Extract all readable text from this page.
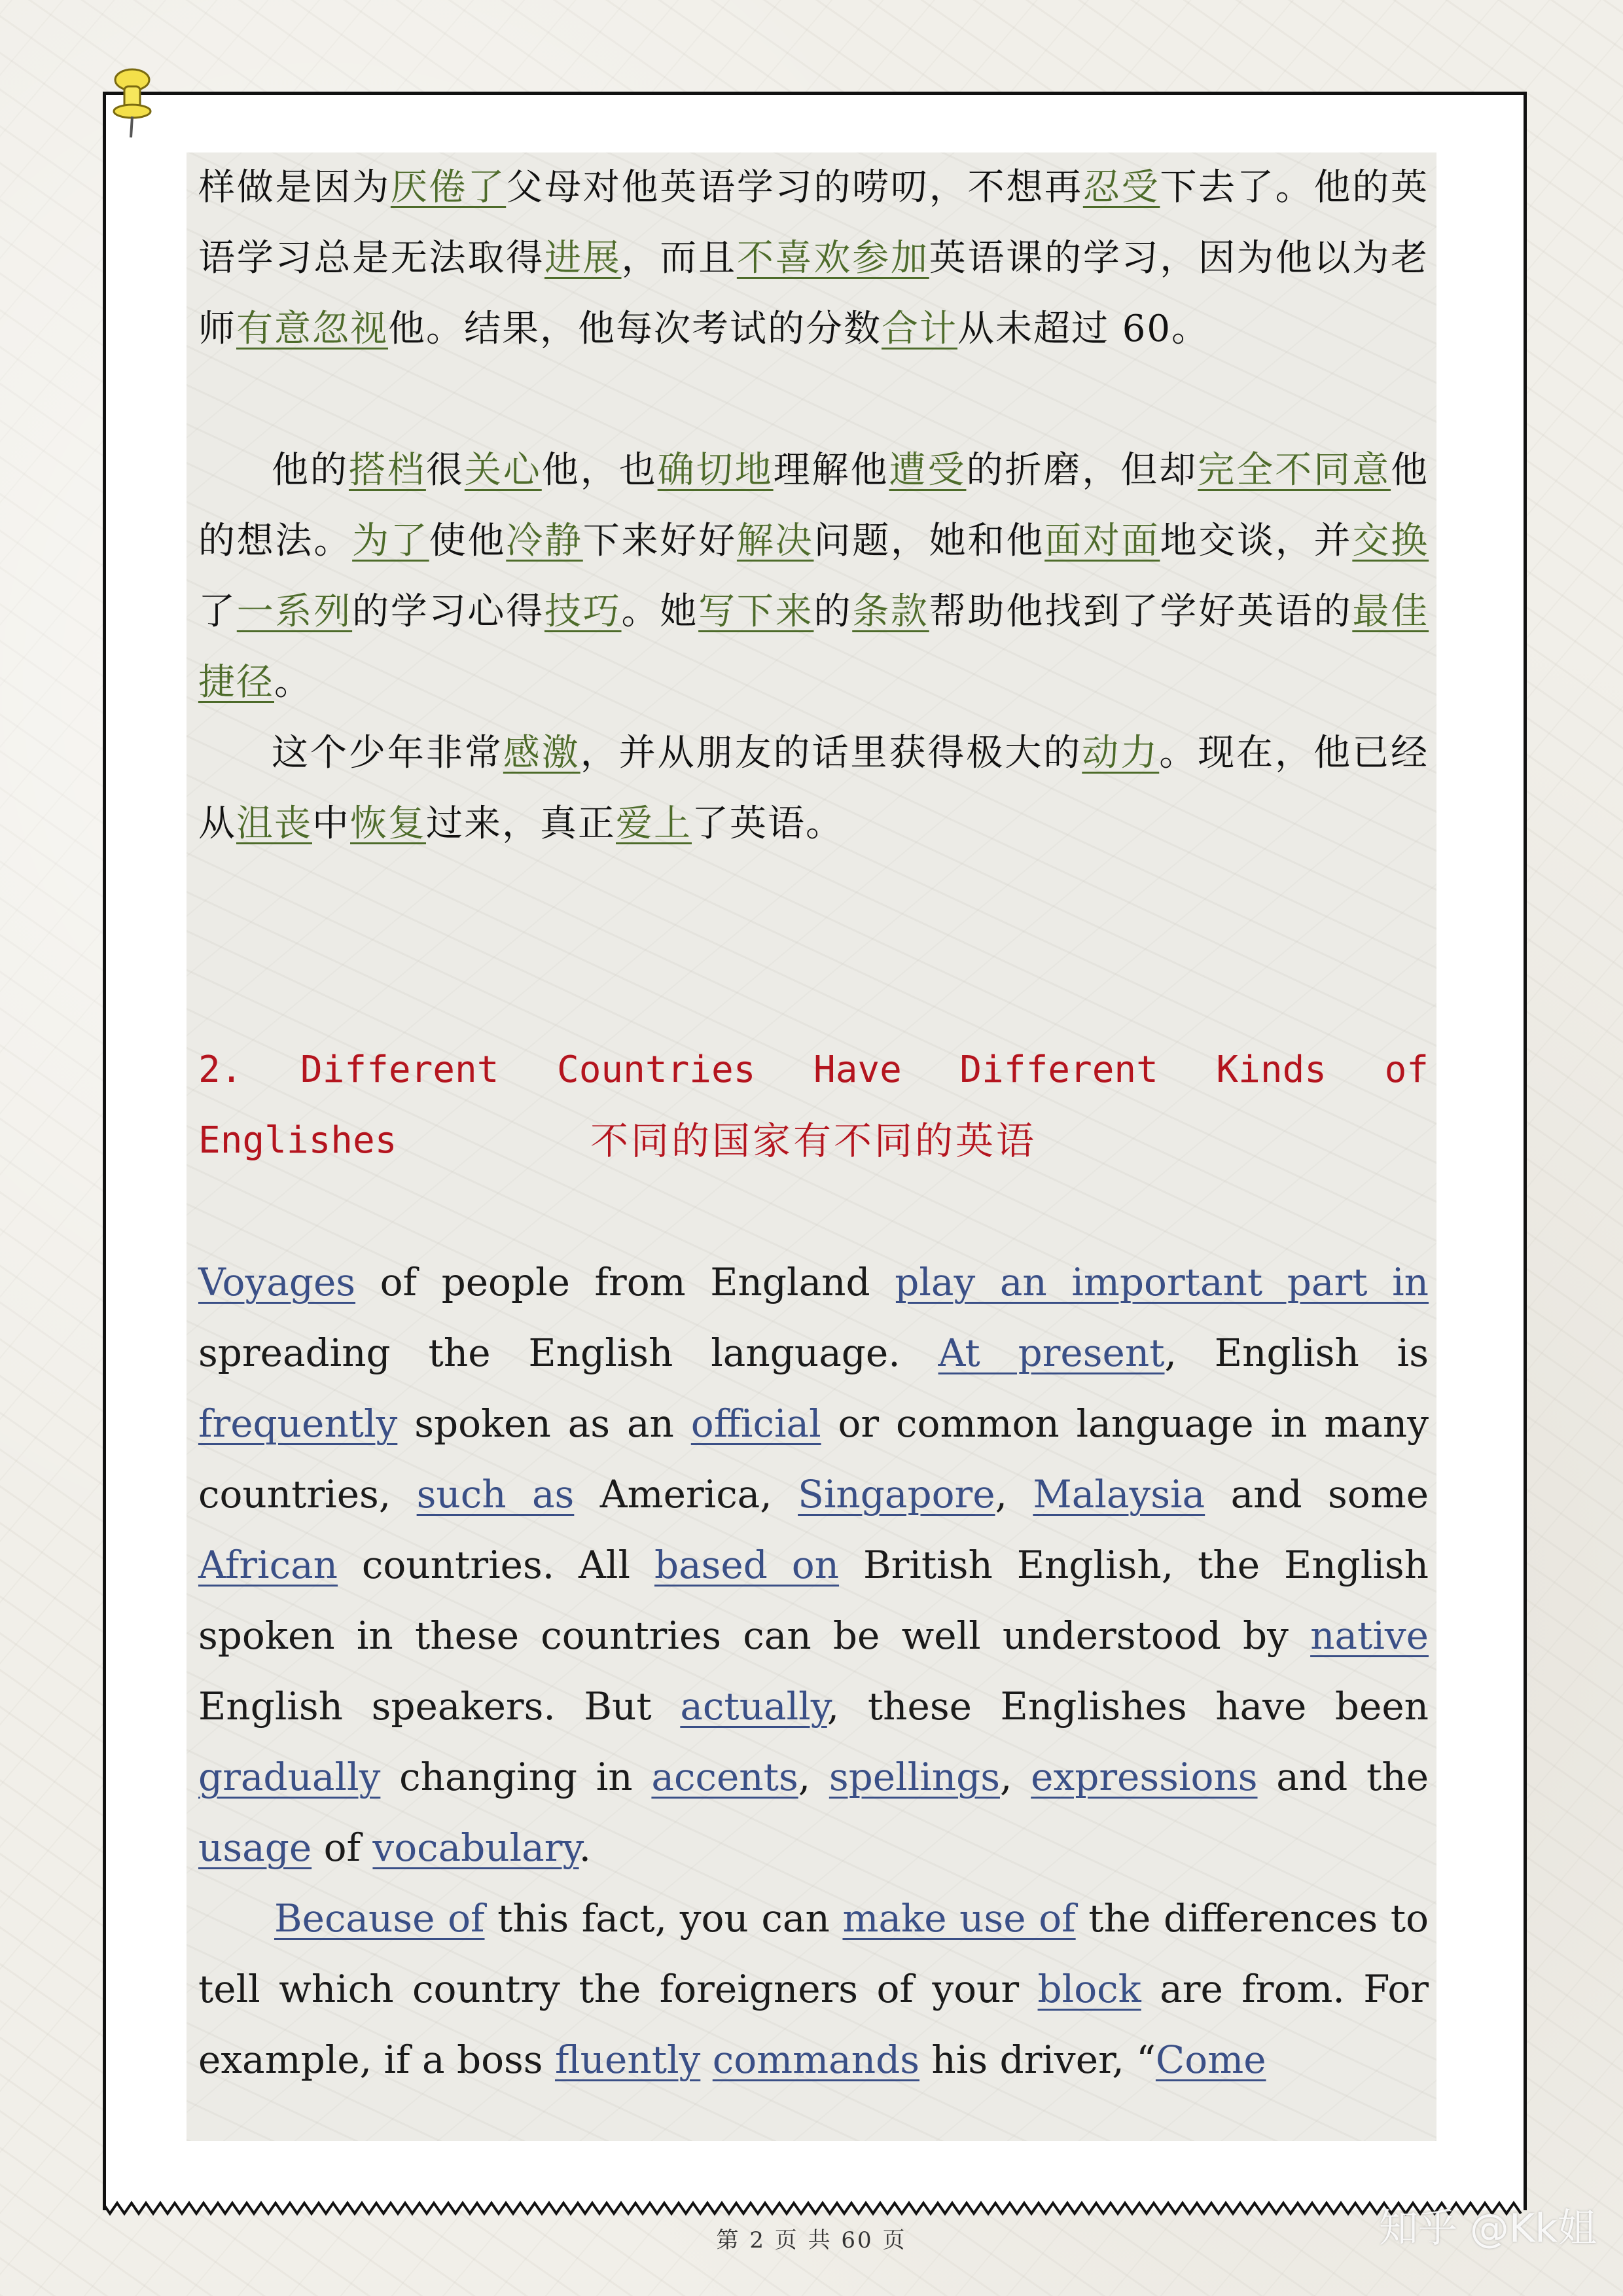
样做是因为厌倦了父母对他英语学习的唠叨，不想再忍受下去了。他的英语学习总是无法取得进展，而且不喜欢参加英语课的学习，因为他以为老师有意忽视他。结果，他每次考试的分数合计从未超过 60。

他的搭档很关心他，也确切地理解他遭受的折磨，但却完全不同意他的想法。为了使他冷静下来好好解决问题，她和他面对面地交谈，并交换了一系列的学习心得技巧。她写下来的条款帮助他找到了学好英语的最佳捷径。

这个少年非常感激，并从朋友的话里获得极大的动力。现在，他已经从沮丧中恢复过来，真正爱上了英语。

2. Different Countries Have Different Kinds of Englishes	不同的国家有不同的英语

Voyages of people from England play an important part in spreading the English language. At present, English is frequently spoken as an official or common language in many countries, such as America, Singapore, Malaysia and some African countries. All based on British English, the English spoken in these countries can be well understood by native English speakers. But actually, these Englishes have been gradually changing in accents, spellings, expressions and the usage of vocabulary.

Because of this fact, you can make use of the differences to tell which country the foreigners of your block are from. For example, if a boss fluently commands his driver, “Come

第 2 页 共 60 页	知乎 @Kk姐
